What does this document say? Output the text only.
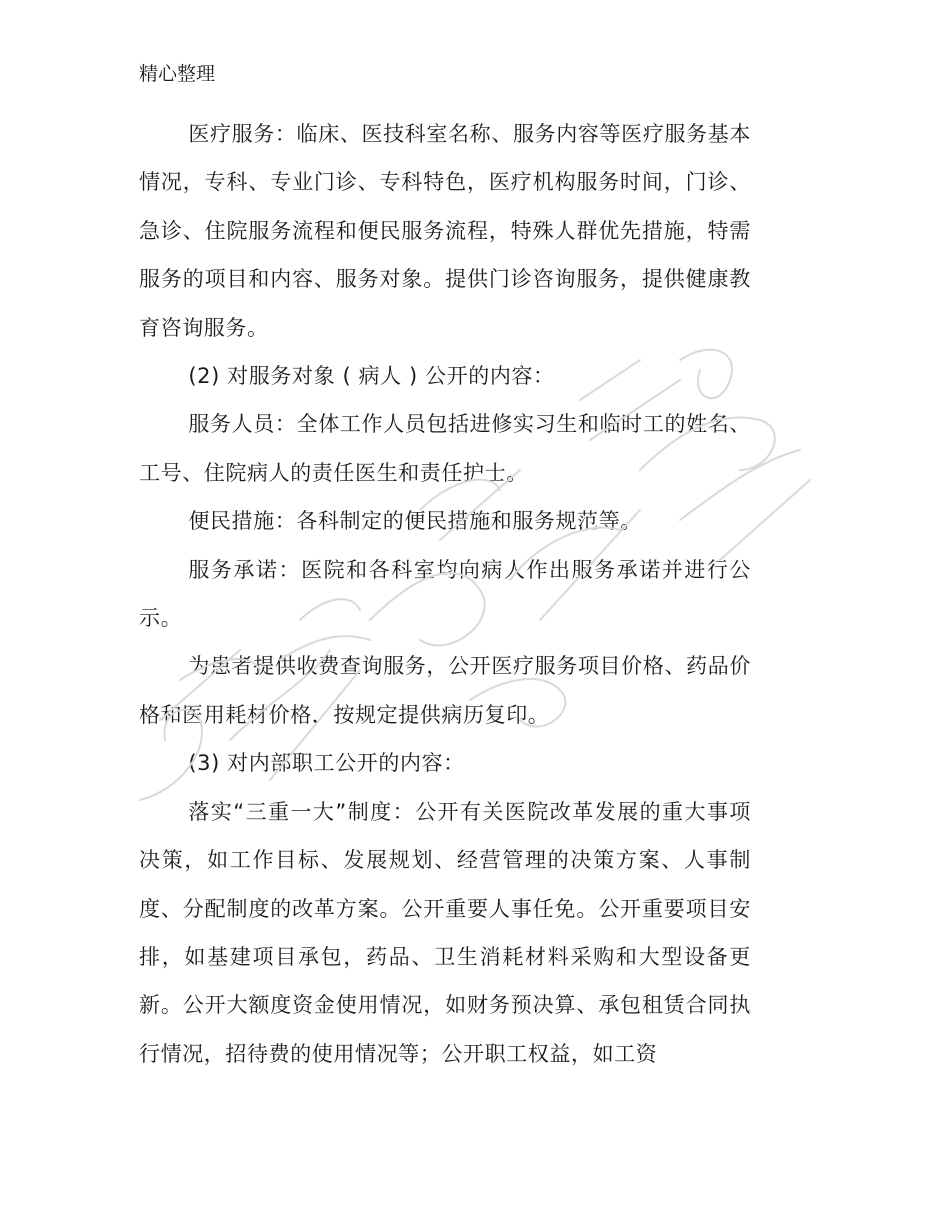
精心整理

医疗服务：临床、医技科室名称、服务内容等医疗服务基本情况，专科、专业门诊、专科特色，医疗机构服务时间，门诊、急诊、住院服务流程和便民服务流程，特殊人群优先措施，特需服务的项目和内容、服务对象。提供门诊咨询服务，提供健康教育咨询服务。

(2) 对服务对象 ( 病人 ) 公开的内容：

服务人员：全体工作人员包括进修实习生和临时工的姓名、工号、住院病人的责任医生和责任护士。

便民措施：各科制定的便民措施和服务规范等。

服务承诺：医院和各科室均向病人作出服务承诺并进行公示。

为患者提供收费查询服务，公开医疗服务项目价格、药品价格和医用耗材价格，按规定提供病历复印。

(3) 对内部职工公开的内容：

落实“三重一大”制度：公开有关医院改革发展的重大事项决策，如工作目标、发展规划、经营管理的决策方案、人事制度、分配制度的改革方案。公开重要人事任免。公开重要项目安排，如基建项目承包，药品、卫生消耗材料采购和大型设备更新。公开大额度资金使用情况，如财务预决算、承包租赁合同执行情况，招待费的使用情况等；公开职工权益，如工资
